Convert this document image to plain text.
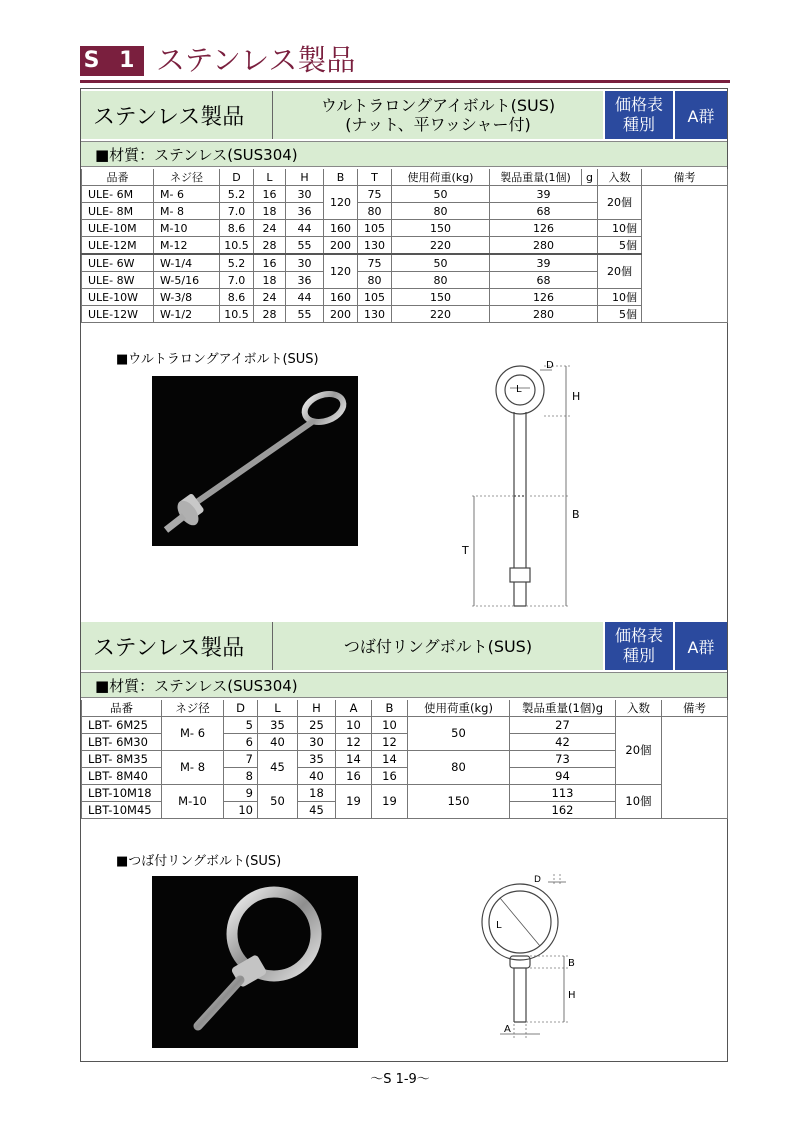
S 1 ステンレス製品
ステンレス製品	ウルトラロングアイボルト(SUS)
(ナット、平ワッシャー付)
価格表
種別	A群
■材質：ステンレス(SUS304)
品番	ネジ径	D	L	H	B	T	使用荷重(kg)	製品重量(1個)	g	入数	備考
ULE- 6M	M- 6	5.2	16	30	120	75	50	39		20個	
ULE- 8M	M- 8	7.0	18	36		80	80	68			
ULE-10M	M-10	8.6	24	44	160	105	150	126		10個	
ULE-12M	M-12	10.5	28	55	200	130	220	280		5個	
ULE- 6W	W-1/4	5.2	16	30	120	75	50	39		20個	
ULE- 8W	W-5/16	7.0	18	36		80	80	68			
ULE-10W	W-3/8	8.6	24	44	160	105	150	126		10個	
ULE-12W	W-1/2	10.5	28	55	200	130	220	280		5個	
■ウルトラロングアイボルト(SUS)	D
L
H
B
T
ステンレス製品	つば付リングボルト(SUS)
価格表
種別	A群
■材質：ステンレス(SUS304)
品番	ネジ径	D	L	H	A	B	使用荷重(kg)	製品重量(1個)g	入数	備考
LBT- 6M25	M- 6	5	35	25	10	10	50	27	20個	
LBT- 6M30		6	40	30	12	12		42		
LBT- 8M35	M- 8	7	45	35	14	14	80	73		
LBT- 8M40		8		40	16	16		94		
LBT-10M18	M-10	9	50	18	19	19	150	113	10個	
LBT-10M45		10		45				162		
■つば付リングボルト(SUS)
D
L
B
H
A
～S 1-9～
